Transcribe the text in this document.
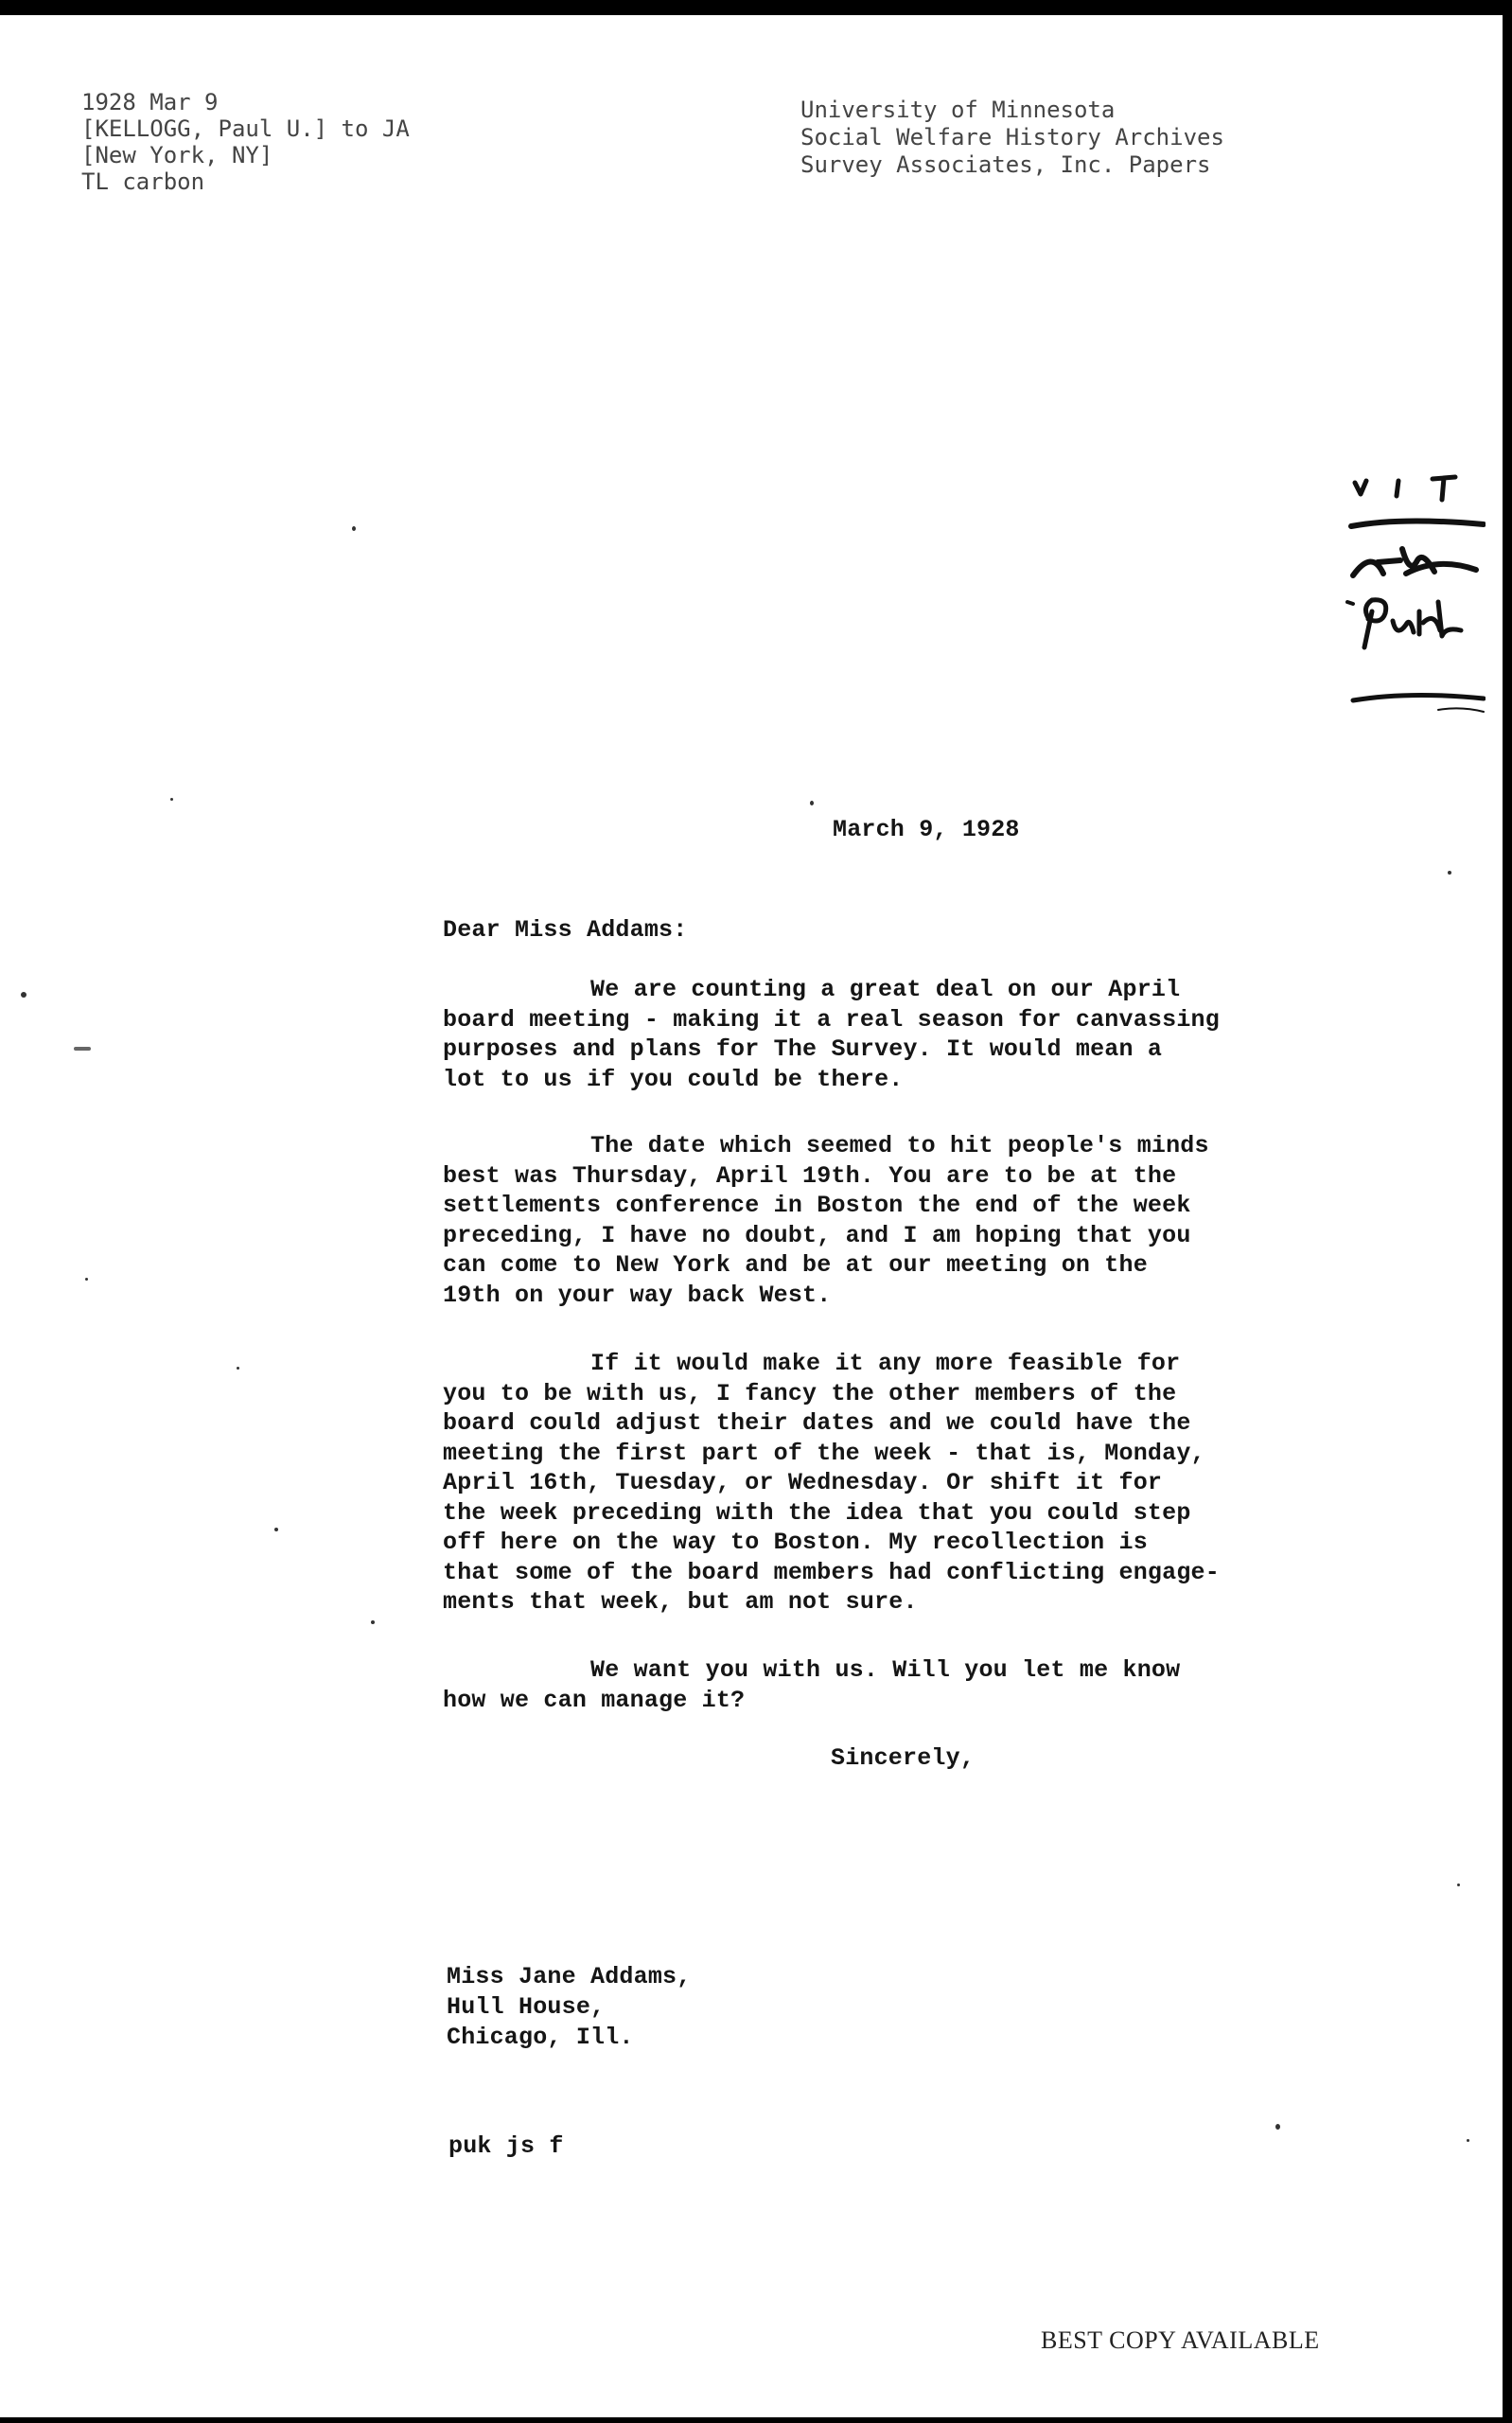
1928 Mar 9
[KELLOGG, Paul U.] to JA
[New York, NY]
TL carbon
University of Minnesota
Social Welfare History Archives
Survey Associates, Inc. Papers
March 9, 1928
Dear Miss Addams:
We are counting a great deal on our April
board meeting - making it a real season for canvassing
purposes and plans for The Survey. It would mean a
lot to us if you could be there.
The date which seemed to hit people's minds
best was Thursday, April 19th. You are to be at the
settlements conference in Boston the end of the week
preceding, I have no doubt, and I am hoping that you
can come to New York and be at our meeting on the
19th on your way back West.
If it would make it any more feasible for
you to be with us, I fancy the other members of the
board could adjust their dates and we could have the
meeting the first part of the week - that is, Monday,
April 16th, Tuesday, or Wednesday. Or shift it for
the week preceding with the idea that you could step
off here on the way to Boston. My recollection is
that some of the board members had conflicting engage-
ments that week, but am not sure.
We want you with us. Will you let me know
how we can manage it?
Sincerely,
Miss Jane Addams,
Hull House,
Chicago, Ill.
puk js f
BEST COPY AVAILABLE
